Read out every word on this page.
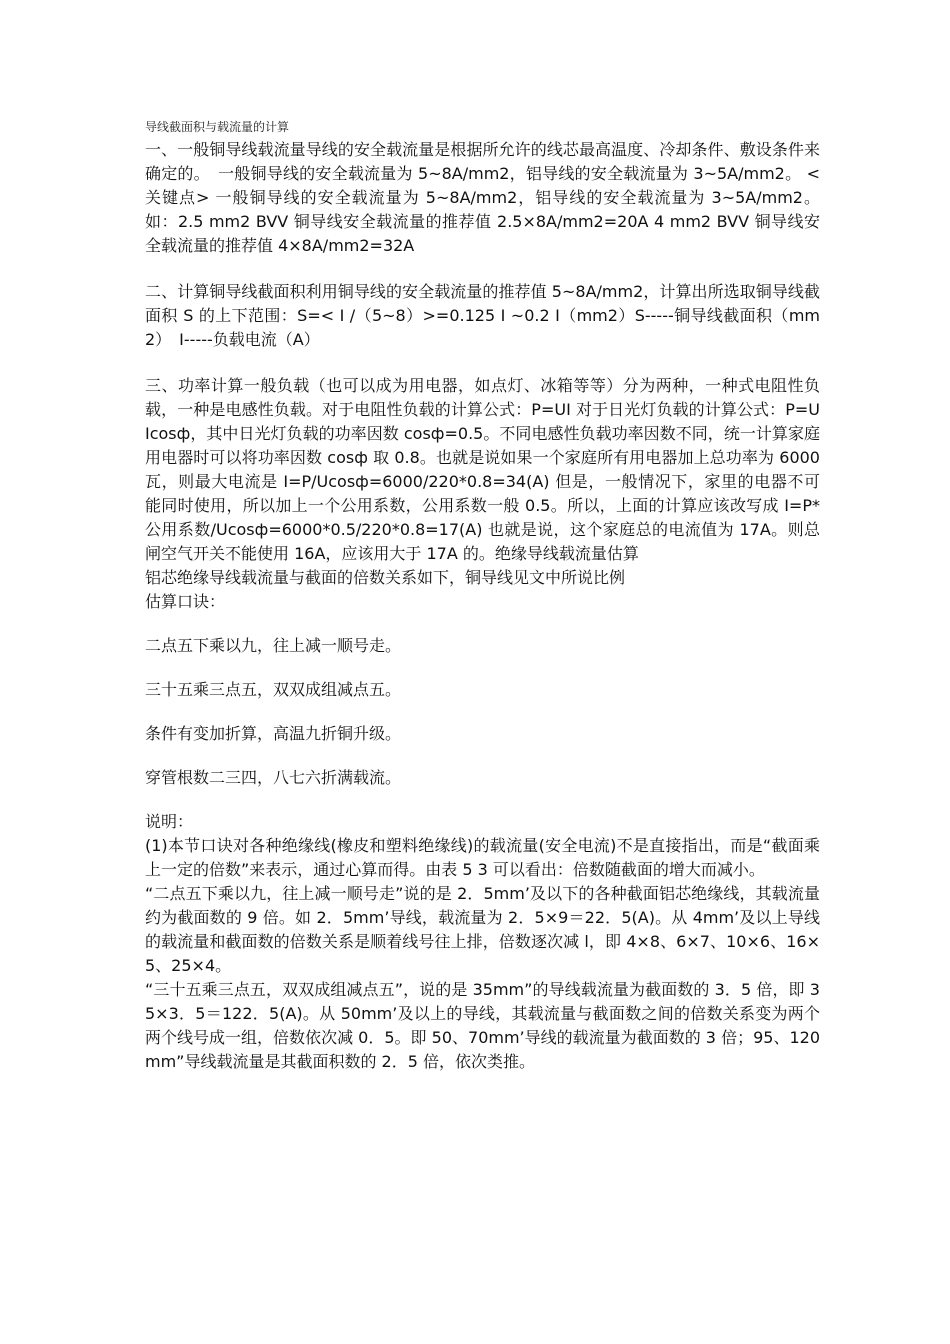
导线截面积与载流量的计算

一、一般铜导线载流量导线的安全载流量是根据所允许的线芯最高温度、冷却条件、敷设条件来确定的。　一般铜导线的安全载流量为 5~8A/mm2，铝导线的安全载流量为 3~5A/mm2。 <关键点> 一般铜导线的安全载流量为 5~8A/mm2，铝导线的安全载流量为 3~5A/mm2。如：2.5 mm2 BVV 铜导线安全载流量的推荐值 2.5×8A/mm2=20A 4 mm2 BVV 铜导线安全载流量的推荐值 4×8A/mm2=32A

二、计算铜导线截面积利用铜导线的安全载流量的推荐值 5~8A/mm2，计算出所选取铜导线截面积 S 的上下范围：S=< I /（5~8）>=0.125 I ~0.2 I（mm2）S-----铜导线截面积（mm2）　I-----负载电流（A）

三、功率计算一般负载（也可以成为用电器，如点灯、冰箱等等）分为两种，一种式电阻性负载，一种是电感性负载。对于电阻性负载的计算公式：P=UI 对于日光灯负载的计算公式：P=UIcosф，其中日光灯负载的功率因数 cosф=0.5。不同电感性负载功率因数不同，统一计算家庭用电器时可以将功率因数 cosф 取 0.8。也就是说如果一个家庭所有用电器加上总功率为 6000 瓦，则最大电流是 I=P/Ucosф=6000/220*0.8=34(A) 但是，一般情况下，家里的电器不可能同时使用，所以加上一个公用系数，公用系数一般 0.5。所以，上面的计算应该改写成 I=P*公用系数/Ucosф=6000*0.5/220*0.8=17(A) 也就是说，这个家庭总的电流值为 17A。则总闸空气开关不能使用 16A，应该用大于 17A 的。绝缘导线载流量估算

铝芯绝缘导线载流量与截面的倍数关系如下，铜导线见文中所说比例

估算口诀：

二点五下乘以九，往上减一顺号走。

三十五乘三点五，双双成组减点五。

条件有变加折算，高温九折铜升级。

穿管根数二三四，八七六折满载流。

说明：

(1)本节口诀对各种绝缘线(橡皮和塑料绝缘线)的载流量(安全电流)不是直接指出，而是“截面乘上一定的倍数”来表示，通过心算而得。由表 5 3 可以看出：倍数随截面的增大而减小。

“二点五下乘以九，往上减一顺号走”说的是 2．5mm’及以下的各种截面铝芯绝缘线，其载流量约为截面数的 9 倍。如 2．5mm’导线，载流量为 2．5×9＝22．5(A)。从 4mm’及以上导线的载流量和截面数的倍数关系是顺着线号往上排，倍数逐次减 l，即 4×8、6×7、10×6、16×5、25×4。

“三十五乘三点五，双双成组减点五”，说的是 35mm”的导线载流量为截面数的 3．5 倍，即 35×3．5＝122．5(A)。从 50mm’及以上的导线，其载流量与截面数之间的倍数关系变为两个两个线号成一组，倍数依次减 0．5。即 50、70mm’导线的载流量为截面数的 3 倍；95、120mm”导线载流量是其截面积数的 2．5 倍，依次类推。
